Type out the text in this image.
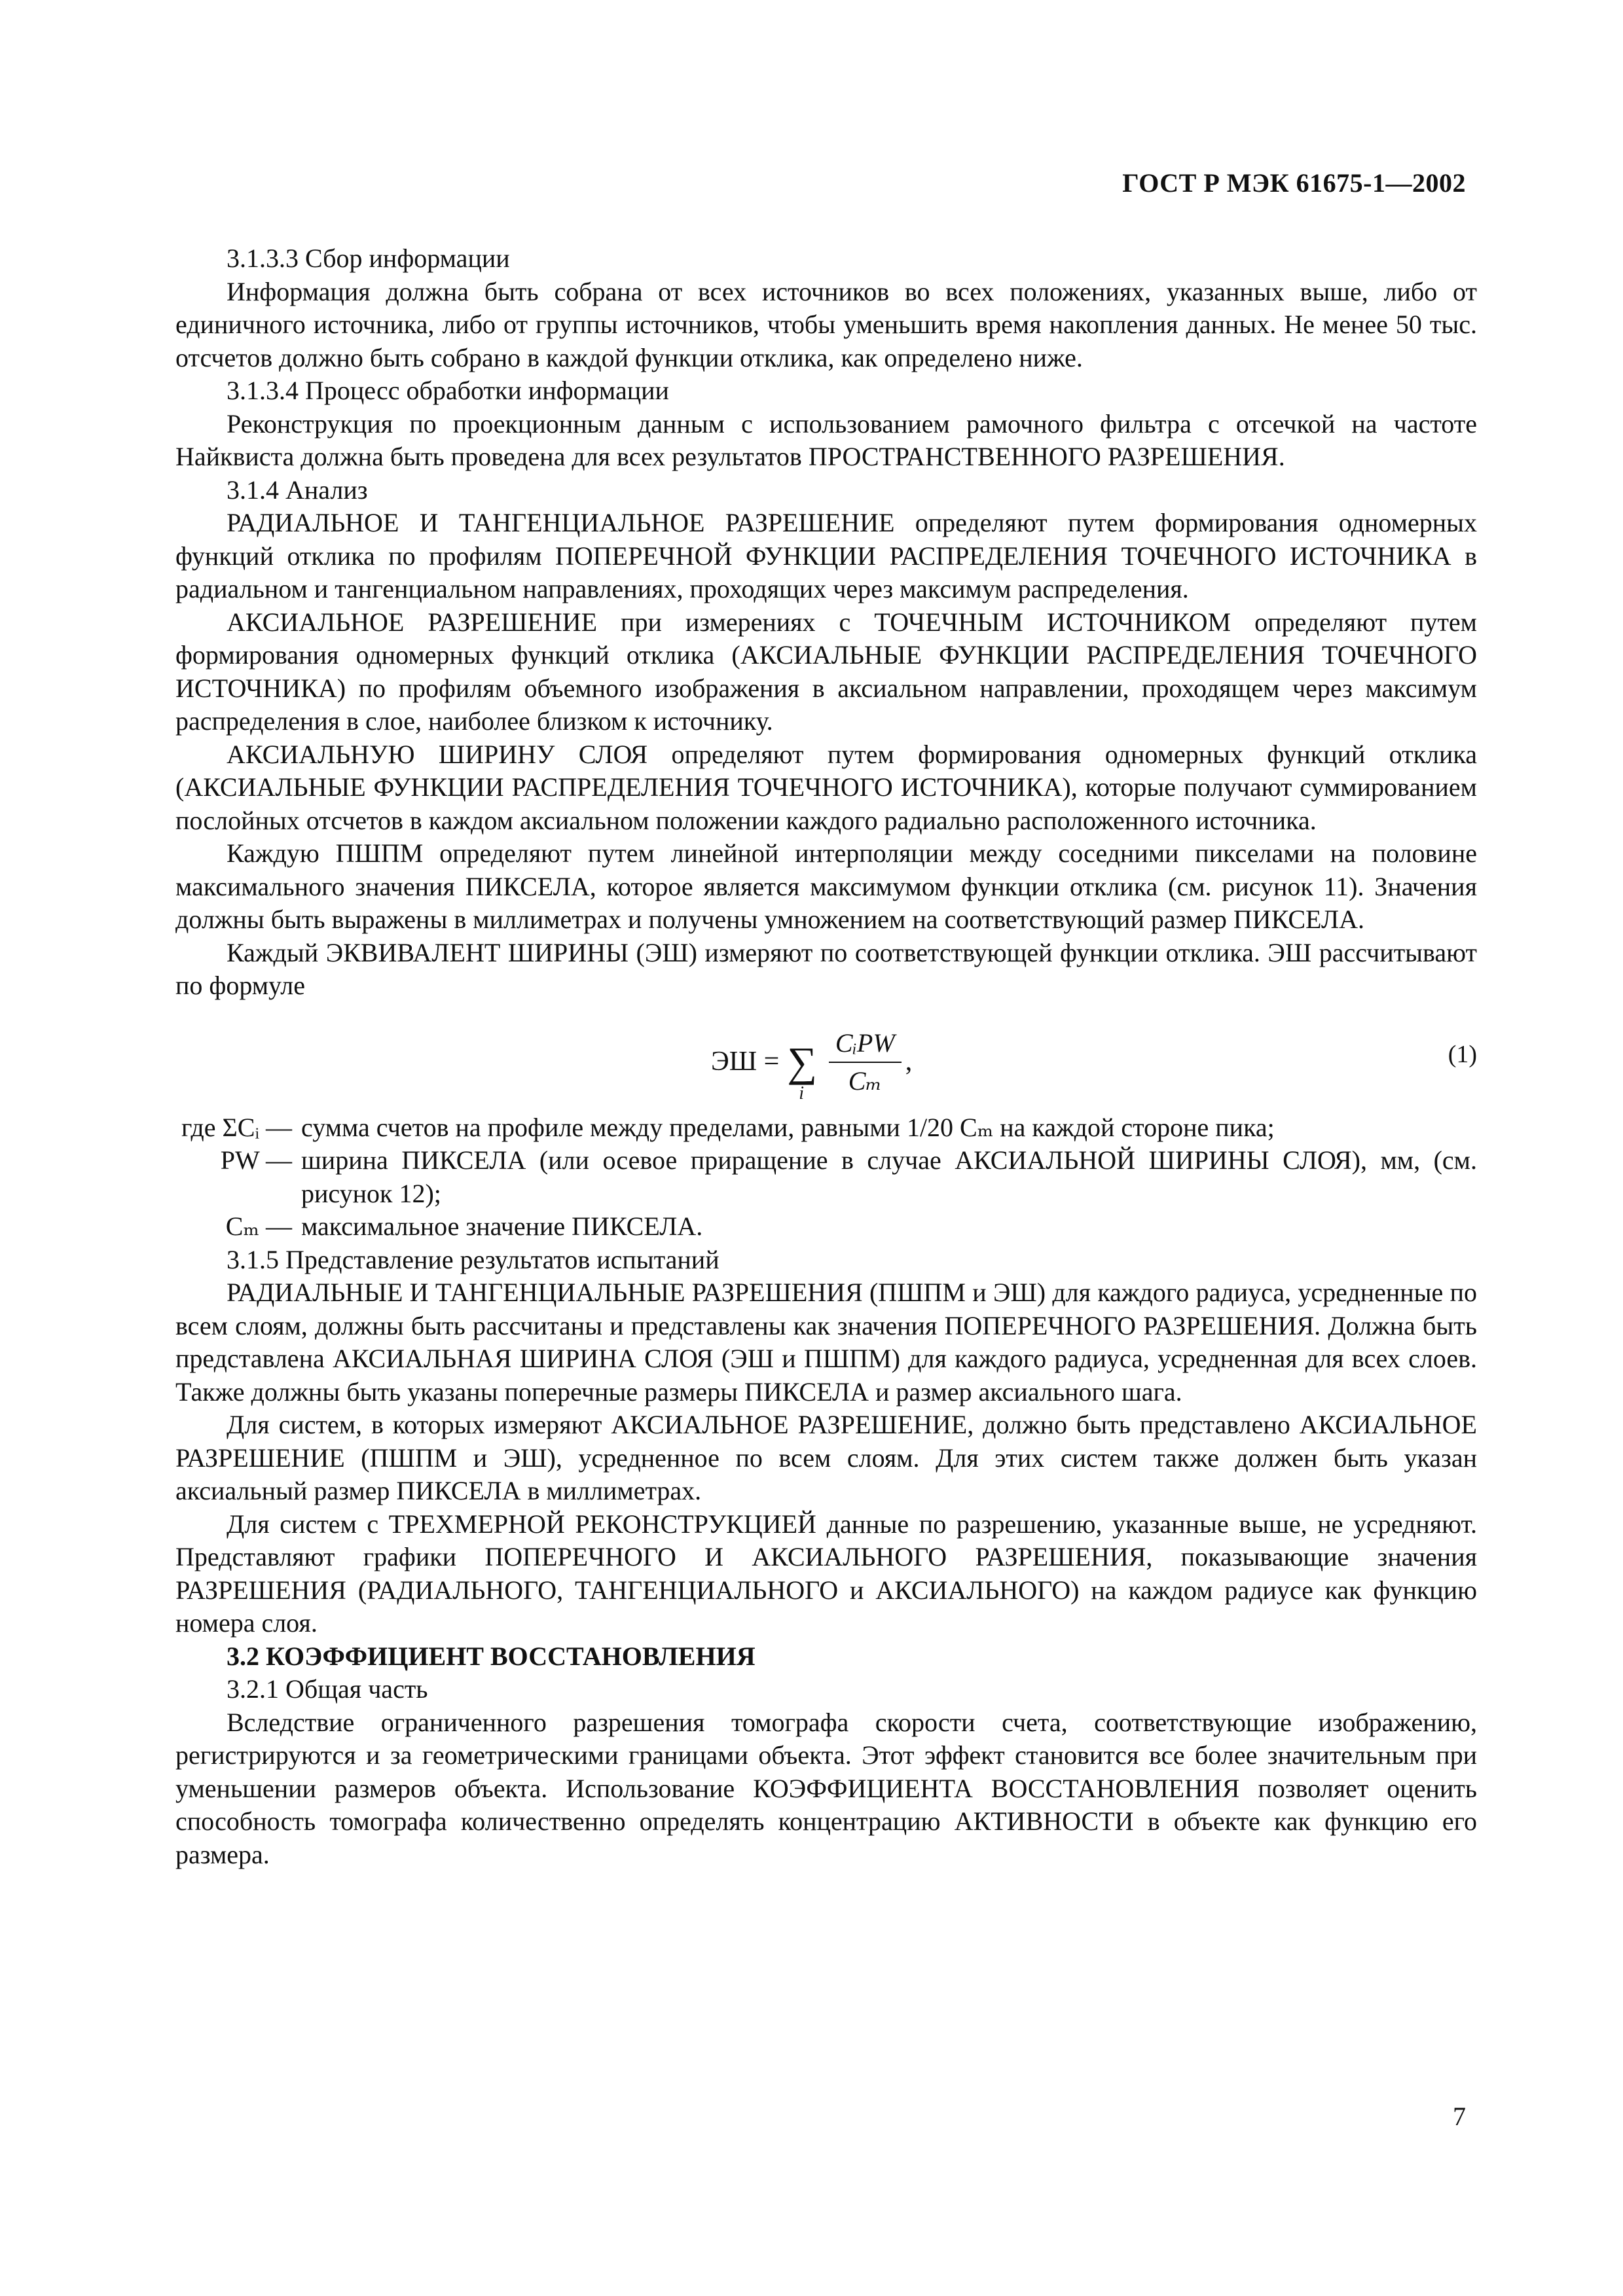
ГОСТ Р МЭК 61675-1—2002

3.1.3.3 Сбор информации

Информация должна быть собрана от всех источников во всех положениях, указанных выше, либо от единичного источника, либо от группы источников, чтобы уменьшить время накопления данных. Не менее 50 тыс. отсчетов должно быть собрано в каждой функции отклика, как определено ниже.

3.1.3.4 Процесс обработки информации

Реконструкция по проекционным данным с использованием рамочного фильтра с отсечкой на частоте Найквиста должна быть проведена для всех результатов ПРОСТРАНСТВЕННОГО РАЗРЕШЕНИЯ.

3.1.4 Анализ

РАДИАЛЬНОЕ И ТАНГЕНЦИАЛЬНОЕ РАЗРЕШЕНИЕ определяют путем формирования одномерных функций отклика по профилям ПОПЕРЕЧНОЙ ФУНКЦИИ РАСПРЕДЕЛЕНИЯ ТОЧЕЧНОГО ИСТОЧНИКА в радиальном и тангенциальном направлениях, проходящих через максимум распределения.

АКСИАЛЬНОЕ РАЗРЕШЕНИЕ при измерениях с ТОЧЕЧНЫМ ИСТОЧНИКОМ определяют путем формирования одномерных функций отклика (АКСИАЛЬНЫЕ ФУНКЦИИ РАСПРЕДЕЛЕНИЯ ТОЧЕЧНОГО ИСТОЧНИКА) по профилям объемного изображения в аксиальном направлении, проходящем через максимум распределения в слое, наиболее близком к источнику.

АКСИАЛЬНУЮ ШИРИНУ СЛОЯ определяют путем формирования одномерных функций отклика (АКСИАЛЬНЫЕ ФУНКЦИИ РАСПРЕДЕЛЕНИЯ ТОЧЕЧНОГО ИСТОЧНИКА), которые получают суммированием послойных отсчетов в каждом аксиальном положении каждого радиально расположенного источника.

Каждую ПШПМ определяют путем линейной интерполяции между соседними пикселами на половине максимального значения ПИКСЕЛА, которое является максимумом функции отклика (см. рисунок 11). Значения должны быть выражены в миллиметрах и получены умножением на соответствующий размер ПИКСЕЛА.

Каждый ЭКВИВАЛЕНТ ШИРИНЫ (ЭШ) измеряют по соответствующей функции отклика. ЭШ рассчитывают по формуле

ЭШ = ∑
i $\frac{\text{CᵢPW}}{\text{Cₘ}}$ ,	(1)
где ΣCᵢ — сумма счетов на профиле между пределами, равными 1/20 Cₘ на каждой стороне пика;
PW — ширина ПИКСЕЛА (или осевое приращение в случае АКСИАЛЬНОЙ ШИРИНЫ СЛОЯ), мм, (см. рисунок 12);
Cₘ — максимальное значение ПИКСЕЛА.

3.1.5 Представление результатов испытаний

РАДИАЛЬНЫЕ И ТАНГЕНЦИАЛЬНЫЕ РАЗРЕШЕНИЯ (ПШПМ и ЭШ) для каждого радиуса, усредненные по всем слоям, должны быть рассчитаны и представлены как значения ПОПЕРЕЧНОГО РАЗРЕШЕНИЯ. Должна быть представлена АКСИАЛЬНАЯ ШИРИНА СЛОЯ (ЭШ и ПШПМ) для каждого радиуса, усредненная для всех слоев. Также должны быть указаны поперечные размеры ПИКСЕЛА и размер аксиального шага.

Для систем, в которых измеряют АКСИАЛЬНОЕ РАЗРЕШЕНИЕ, должно быть представлено АКСИАЛЬНОЕ РАЗРЕШЕНИЕ (ПШПМ и ЭШ), усредненное по всем слоям. Для этих систем также должен быть указан аксиальный размер ПИКСЕЛА в миллиметрах.

Для систем с ТРЕХМЕРНОЙ РЕКОНСТРУКЦИЕЙ данные по разрешению, указанные выше, не усредняют. Представляют графики ПОПЕРЕЧНОГО И АКСИАЛЬНОГО РАЗРЕШЕНИЯ, показывающие значения РАЗРЕШЕНИЯ (РАДИАЛЬНОГО, ТАНГЕНЦИАЛЬНОГО и АКСИАЛЬНОГО) на каждом радиусе как функцию номера слоя.

3.2 КОЭФФИЦИЕНТ ВОССТАНОВЛЕНИЯ

3.2.1 Общая часть

Вследствие ограниченного разрешения томографа скорости счета, соответствующие изображению, регистрируются и за геометрическими границами объекта. Этот эффект становится все более значительным при уменьшении размеров объекта. Использование КОЭФФИЦИЕНТА ВОССТАНОВЛЕНИЯ позволяет оценить способность томографа количественно определять концентрацию АКТИВНОСТИ в объекте как функцию его размера.

7
